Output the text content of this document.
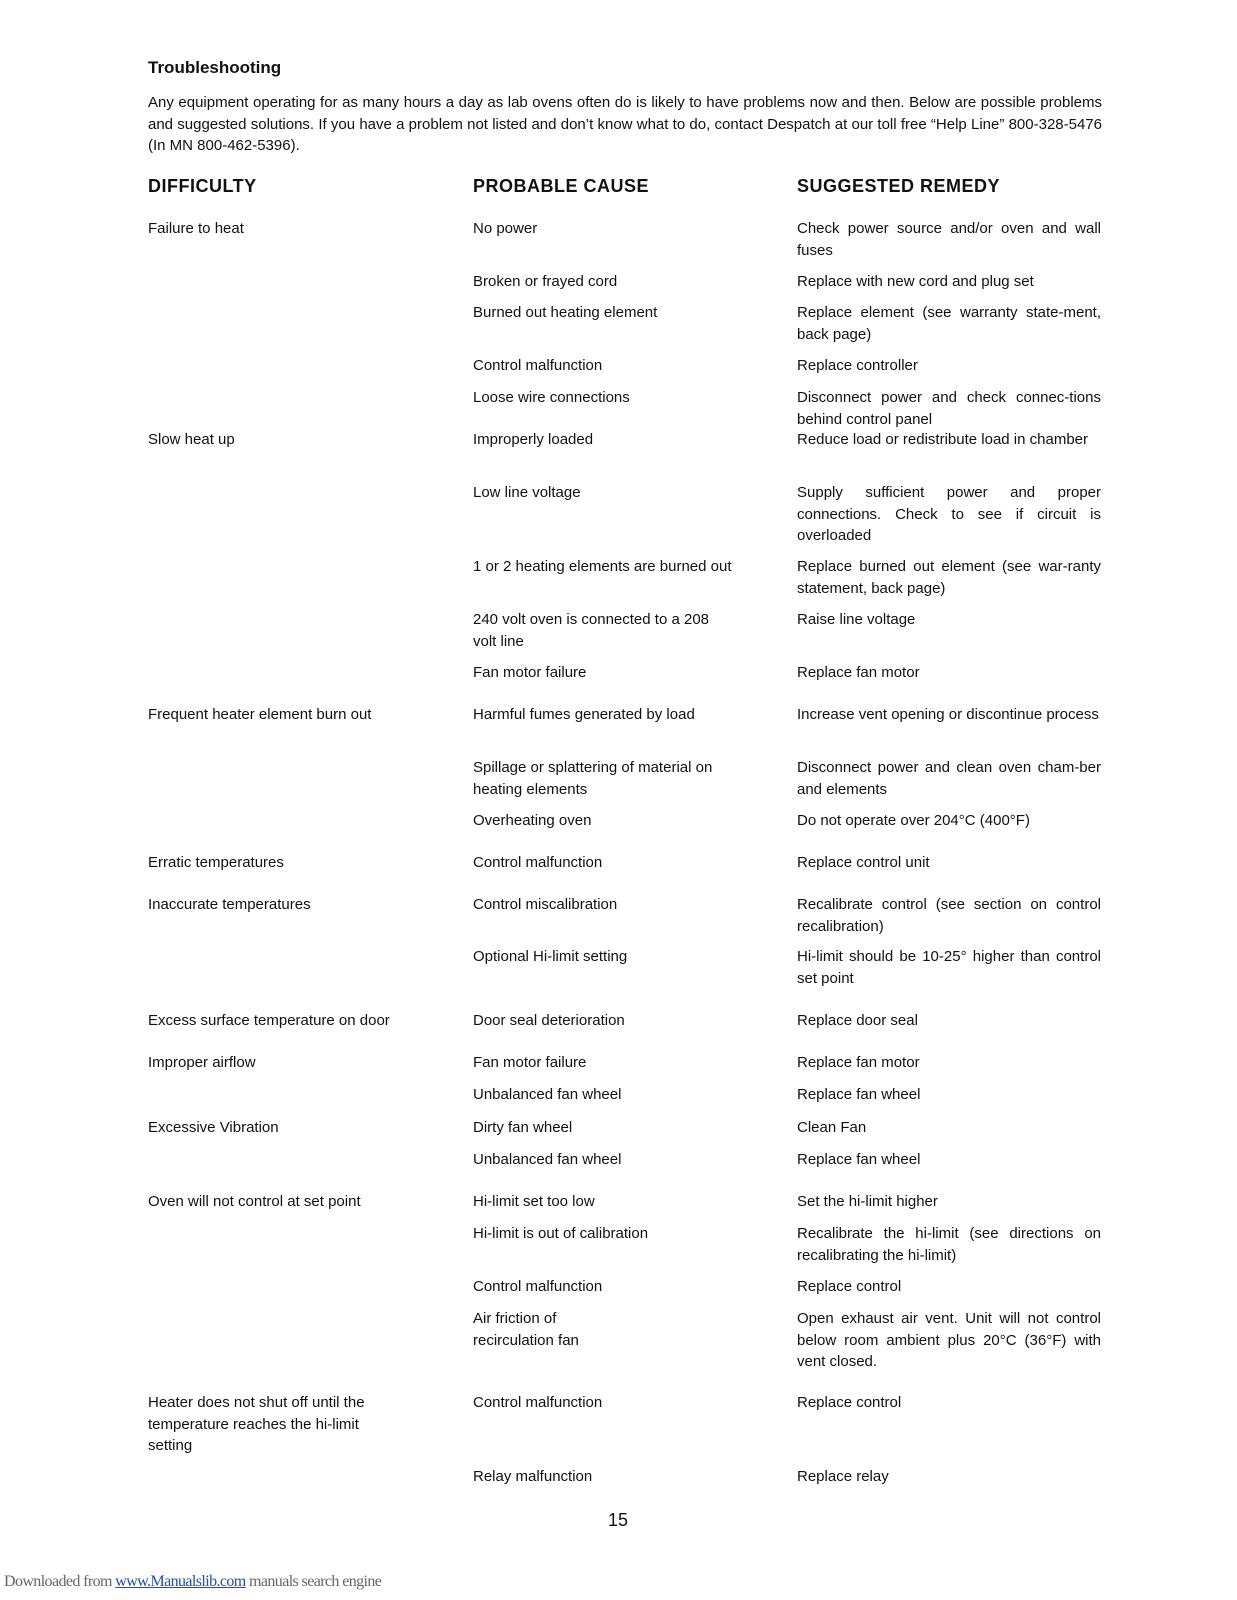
Troubleshooting
Any equipment operating for as many hours a day as lab ovens often do is likely to have problems now and then. Below are possible problems and suggested solutions. If you have a problem not listed and don’t know what to do, contact Despatch at our toll free “Help Line” 800-328-5476 (In MN 800-462-5396).
DIFFICULTY	PROBABLE CAUSE	SUGGESTED REMEDY
Failure to heat
Slow heat up
Frequent heater element burn out
Erratic temperatures
Inaccurate temperatures
Excess surface temperature on door
Improper airflow
Excessive Vibration
Oven will not control at set point
Heater does not shut off until the temperature reaches the hi-limit setting
No power
Broken or frayed cord
Burned out heating element
Control malfunction
Loose wire connections
Improperly loaded
Low line voltage
1 or 2 heating elements are burned out
240 volt oven is connected to a 208 volt line
Fan motor failure
Harmful fumes generated by load
Spillage or splattering of material on heating elements
Overheating oven
Control malfunction
Control miscalibration
Optional Hi-limit setting
Door seal deterioration
Fan motor failure
Unbalanced fan wheel
Dirty fan wheel
Unbalanced fan wheel
Hi-limit set too low
Hi-limit is out of calibration
Control malfunction
Air friction of recirculation fan
Control malfunction
Relay malfunction
Check power source and/or oven and wall fuses
Replace with new cord and plug set
Replace element (see warranty state-ment, back page)
Replace controller
Disconnect power and check connec-tions behind control panel
Reduce load or redistribute load in chamber
Supply sufficient power and proper connections. Check to see if circuit is overloaded
Replace burned out element (see war-ranty statement, back page)
Raise line voltage
Replace fan motor
Increase vent opening or discontinue process
Disconnect power and clean oven cham-ber and elements
Do not operate over 204°C (400°F)
Replace control unit
Recalibrate control (see section on control recalibration)
Hi-limit should be 10-25° higher than control set point
Replace door seal
Replace fan motor
Replace fan wheel
Clean Fan
Replace fan wheel
Set the hi-limit higher
Recalibrate the hi-limit (see directions on recalibrating the hi-limit)
Replace control
Open exhaust air vent. Unit will not control below room ambient plus 20°C (36°F) with vent closed.
Replace control
Replace relay
15
Downloaded from www.Manualslib.com manuals search engine
